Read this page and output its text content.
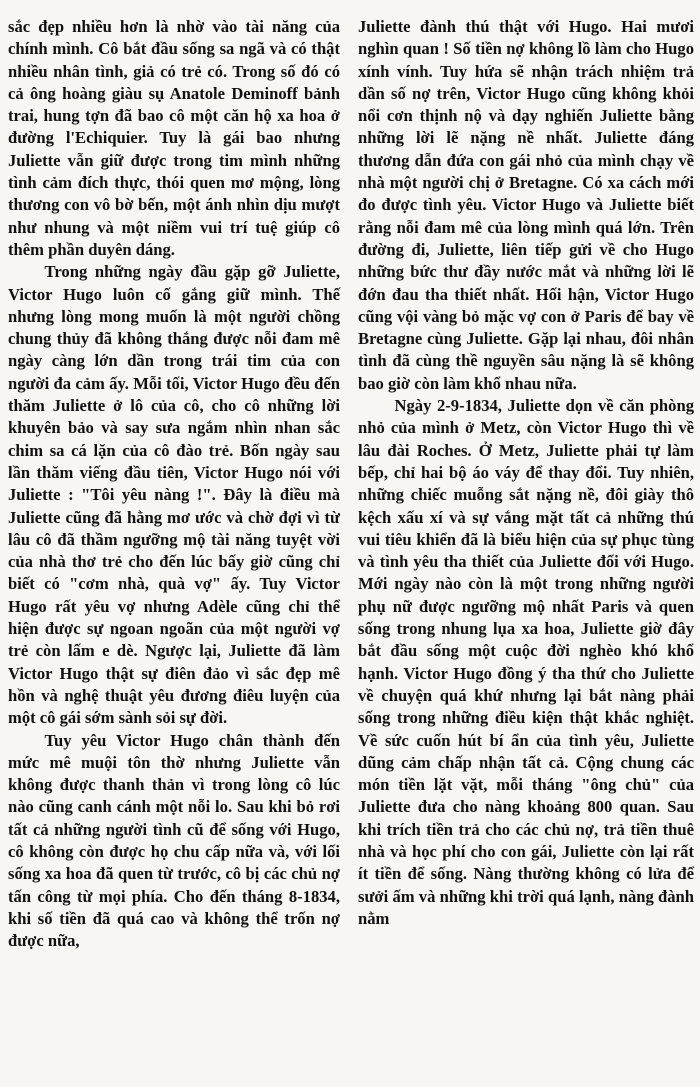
sắc đẹp nhiều hơn là nhờ vào tài năng của chính mình. Cô bắt đầu sống sa ngã và có thật nhiều nhân tình, giả có trẻ có. Trong số đó có cả ông hoàng giàu sụ Anatole Deminoff bảnh trai, hung tợn đã bao cô một căn hộ xa hoa ở đường l'Echiquier. Tuy là gái bao nhưng Juliette vẫn giữ được trong tim mình những tình cảm đích thực, thói quen mơ mộng, lòng thương con vô bờ bến, một ánh nhìn dịu mượt như nhung và một niềm vui trí tuệ giúp cô thêm phần duyên dáng.

Trong những ngày đầu gặp gỡ Juliette, Victor Hugo luôn cố gắng giữ mình. Thế nhưng lòng mong muốn là một người chồng chung thủy đã không thắng được nỗi đam mê ngày càng lớn dần trong trái tim của con người đa cảm ấy. Mỗi tối, Victor Hugo đều đến thăm Juliette ở lô của cô, cho cô những lời khuyên bảo và say sưa ngắm nhìn nhan sắc chim sa cá lặn của cô đào trẻ. Bốn ngày sau lần thăm viếng đầu tiên, Victor Hugo nói với Juliette : "Tôi yêu nàng !". Đây là điều mà Juliette cũng đã hằng mơ ước và chờ đợi vì từ lâu cô đã thầm ngưỡng mộ tài năng tuyệt vời của nhà thơ trẻ cho đến lúc bấy giờ cũng chỉ biết có "cơm nhà, quà vợ" ấy. Tuy Victor Hugo rất yêu vợ nhưng Adèle cũng chỉ thể hiện được sự ngoan ngoãn của một người vợ trẻ còn lấm e dè. Ngược lại, Juliette đã làm Victor Hugo thật sự điên đảo vì sắc đẹp mê hồn và nghệ thuật yêu đương điêu luyện của một cô gái sớm sành sỏi sự đời.

Tuy yêu Victor Hugo chân thành đến mức mê muội tôn thờ nhưng Juliette vẫn không được thanh thản vì trong lòng cô lúc nào cũng canh cánh một nỗi lo. Sau khi bỏ rơi tất cả những người tình cũ để sống với Hugo, cô không còn được họ chu cấp nữa và, với lối sống xa hoa đã quen từ trước, cô bị các chủ nợ tấn công từ mọi phía. Cho đến tháng 8-1834, khi số tiền đã quá cao và không thể trốn nợ được nữa,

Juliette đành thú thật với Hugo. Hai mươi nghìn quan ! Số tiền nợ không lồ làm cho Hugo xính vính. Tuy hứa sẽ nhận trách nhiệm trả dần số nợ trên, Victor Hugo cũng không khỏi nổi cơn thịnh nộ và dạy nghiến Juliette bằng những lời lẽ nặng nề nhất. Juliette đáng thương dẫn đứa con gái nhỏ của mình chạy về nhà một người chị ở Bretagne. Có xa cách mới đo được tình yêu. Victor Hugo và Juliette biết rằng nỗi đam mê của lòng mình quá lớn. Trên đường đi, Juliette, liên tiếp gửi về cho Hugo những bức thư đầy nước mắt và những lời lẽ đớn đau tha thiết nhất. Hối hận, Victor Hugo cũng vội vàng bỏ mặc vợ con ở Paris để bay về Bretagne cùng Juliette. Gặp lại nhau, đôi nhân tình đã cùng thề nguyền sâu nặng là sẽ không bao giờ còn làm khổ nhau nữa.

Ngày 2-9-1834, Juliette dọn về căn phòng nhỏ của mình ở Metz, còn Victor Hugo thì về lâu đài Roches. Ở Metz, Juliette phải tự làm bếp, chỉ hai bộ áo váy để thay đổi. Tuy nhiên, những chiếc muỗng sắt nặng nề, đôi giày thô kệch xấu xí và sự vắng mặt tất cả những thú vui tiêu khiển đã là biểu hiện của sự phục tùng và tình yêu tha thiết của Juliette đối với Hugo. Mới ngày nào còn là một trong những người phụ nữ được ngưỡng mộ nhất Paris và quen sống trong nhung lụa xa hoa, Juliette giờ đây bắt đầu sống một cuộc đời nghèo khó khổ hạnh. Victor Hugo đồng ý tha thứ cho Juliette về chuyện quá khứ nhưng lại bắt nàng phải sống trong những điều kiện thật khắc nghiệt. Về sức cuốn hút bí ẩn của tình yêu, Juliette dũng cảm chấp nhận tất cả. Cộng chung các món tiền lặt vặt, mỗi tháng "ông chủ" của Juliette đưa cho nàng khoảng 800 quan. Sau khi trích tiền trả cho các chủ nợ, trả tiền thuê nhà và học phí cho con gái, Juliette còn lại rất ít tiền để sống. Nàng thường không có lửa để sưởi ấm và những khi trời quá lạnh, nàng đành nằm
